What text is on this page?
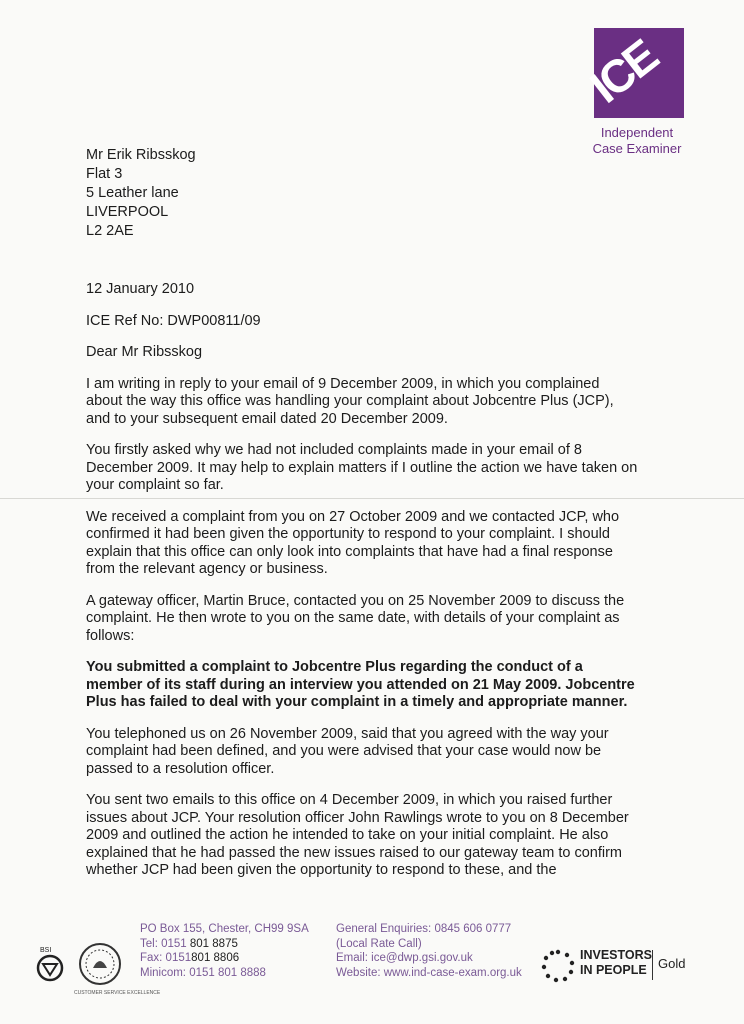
ICE
Independent
Case Examiner
Mr Erik Ribsskog
Flat 3
5 Leather lane
LIVERPOOL
L2 2AE

12 January 2010

ICE Ref No: DWP00811/09

Dear Mr Ribsskog

I am writing in reply to your email of 9 December 2009, in which you complained about the way this office was handling your complaint about Jobcentre Plus (JCP), and to your subsequent email dated 20 December 2009.

You firstly asked why we had not included complaints made in your email of 8 December 2009. It may help to explain matters if I outline the action we have taken on your complaint so far.

We received a complaint from you on 27 October 2009 and we contacted JCP, who confirmed it had been given the opportunity to respond to your complaint. I should explain that this office can only look into complaints that have had a final response from the relevant agency or business.

A gateway officer, Martin Bruce, contacted you on 25 November 2009 to discuss the complaint. He then wrote to you on the same date, with details of your complaint as follows:

You submitted a complaint to Jobcentre Plus regarding the conduct of a member of its staff during an interview you attended on 21 May 2009. Jobcentre Plus has failed to deal with your complaint in a timely and appropriate manner.

You telephoned us on 26 November 2009, said that you agreed with the way your complaint had been defined, and you were advised that your case would now be passed to a resolution officer.

You sent two emails to this office on 4 December 2009, in which you raised further issues about JCP. Your resolution officer John Rawlings wrote to you on 8 December 2009 and outlined the action he intended to take on your initial complaint. He also explained that he had passed the new issues raised to our gateway team to confirm whether JCP had been given the opportunity to respond to these, and the

BSI
CUSTOMER SERVICE EXCELLENCE
PO Box 155, Chester, CH99 9SA
Tel: 0151 801 8875
Fax: 0151801 8806
Minicom: 0151 801 8888
General Enquiries: 0845 606 0777
(Local Rate Call)
Email: ice@dwp.gsi.gov.uk
Website: www.ind-case-exam.org.uk
INVESTORS
IN PEOPLE Gold
